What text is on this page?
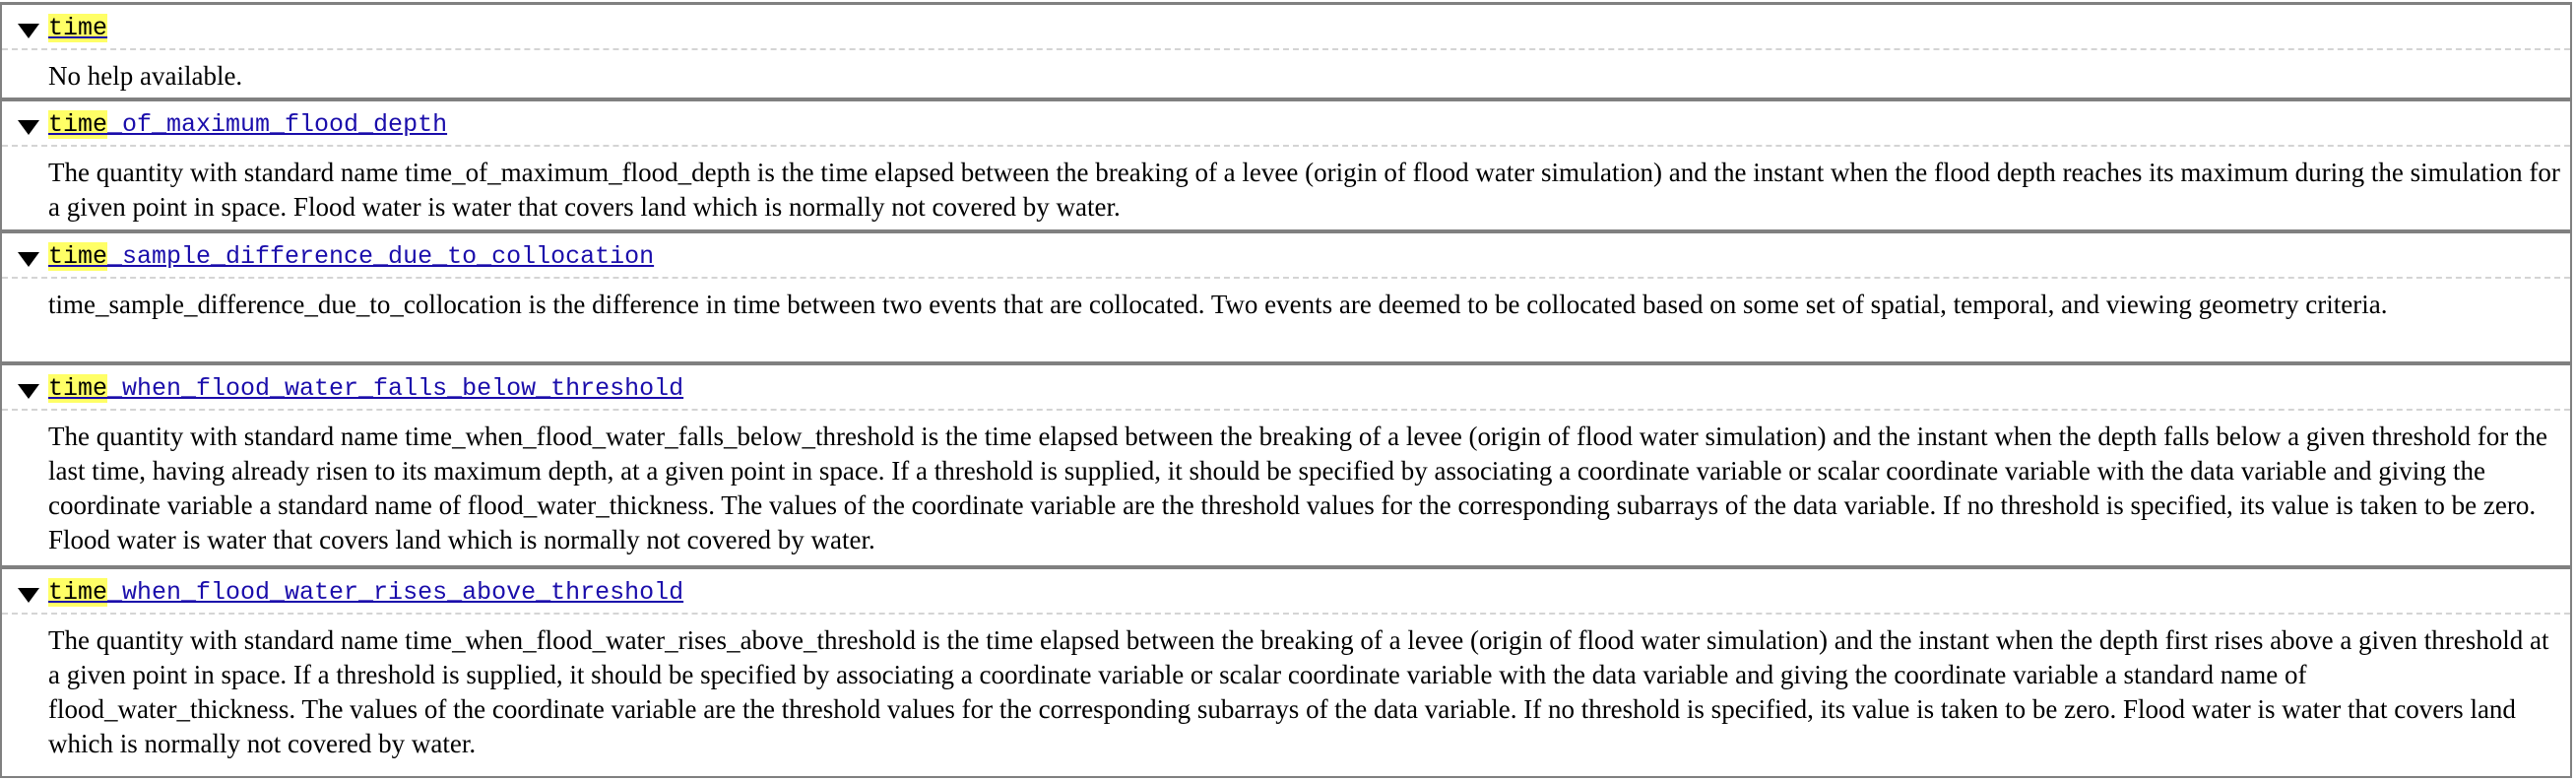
time
No help available.
time_of_maximum_flood_depth
The quantity with standard name time_of_maximum_flood_depth is the time elapsed between the breaking of a levee (origin of flood water simulation) and the instant when the flood depth reaches its maximum during the simulation for a given point in space. Flood water is water that covers land which is normally not covered by water.
time_sample_difference_due_to_collocation
time_sample_difference_due_to_collocation is the difference in time between two events that are collocated. Two events are deemed to be collocated based on some set of spatial, temporal, and viewing geometry criteria.
time_when_flood_water_falls_below_threshold
The quantity with standard name time_when_flood_water_falls_below_threshold is the time elapsed between the breaking of a levee (origin of flood water simulation) and the instant when the depth falls below a given threshold for the last time, having already risen to its maximum depth, at a given point in space. If a threshold is supplied, it should be specified by associating a coordinate variable or scalar coordinate variable with the data variable and giving the coordinate variable a standard name of flood_water_thickness. The values of the coordinate variable are the threshold values for the corresponding subarrays of the data variable. If no threshold is specified, its value is taken to be zero. Flood water is water that covers land which is normally not covered by water.
time_when_flood_water_rises_above_threshold
The quantity with standard name time_when_flood_water_rises_above_threshold is the time elapsed between the breaking of a levee (origin of flood water simulation) and the instant when the depth first rises above a given threshold at a given point in space. If a threshold is supplied, it should be specified by associating a coordinate variable or scalar coordinate variable with the data variable and giving the coordinate variable a standard name of flood_water_thickness. The values of the coordinate variable are the threshold values for the corresponding subarrays of the data variable. If no threshold is specified, its value is taken to be zero. Flood water is water that covers land which is normally not covered by water.
